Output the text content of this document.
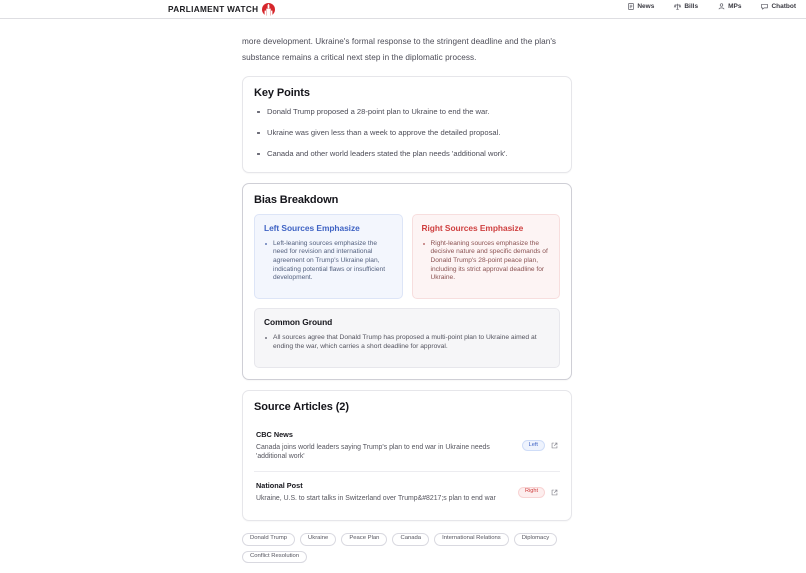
PARLIAMENT WATCH	News	Bills	MPs	Chatbot

more development. Ukraine's formal response to the stringent deadline and the plan's substance remains a critical next step in the diplomatic process.

Key Points
Donald Trump proposed a 28-point plan to Ukraine to end the war.
Ukraine was given less than a week to approve the detailed proposal.
Canada and other world leaders stated the plan needs 'additional work'.
Bias Breakdown
Left Sources Emphasize

Left-leaning sources emphasize the need for revision and international agreement on Trump's Ukraine plan, indicating potential flaws or insufficient development.

Right Sources Emphasize

Right-leaning sources emphasize the decisive nature and specific demands of Donald Trump's 28-point peace plan, including its strict approval deadline for Ukraine.

Common Ground

All sources agree that Donald Trump has proposed a multi-point plan to Ukraine aimed at ending the war, which carries a short deadline for approval.

Source Articles (2)
CBC News
Canada joins world leaders saying Trump's plan to end war in Ukraine needs 'additional work'
Left
National Post
Ukraine, U.S. to start talks in Switzerland over Trump&#8217;s plan to end war
Right
Donald Trump	Ukraine	Peace Plan	Canada	International Relations	Diplomacy
Conflict Resolution
